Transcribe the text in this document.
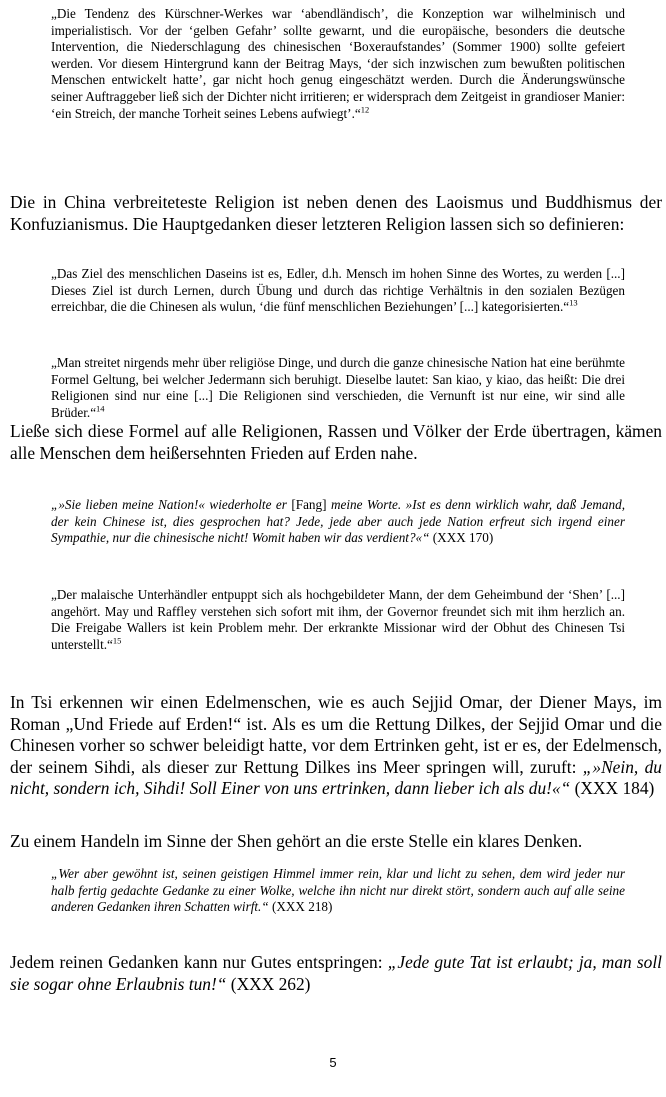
„Die Tendenz des Kürschner-Werkes war ‘abendländisch’, die Konzeption war wilhelminisch und imperialistisch. Vor der ‘gelben Gefahr’ sollte gewarnt, und die europäische, besonders die deutsche Intervention, die Niederschlagung des chinesischen ‘Boxeraufstandes’ (Sommer 1900) sollte gefeiert werden. Vor diesem Hintergrund kann der Beitrag Mays, ‘der sich inzwischen zum bewußten politischen Menschen entwickelt hatte’, gar nicht hoch genug eingeschätzt werden. Durch die Änderungswünsche seiner Auftraggeber ließ sich der Dichter nicht irritieren; er widersprach dem Zeitgeist in grandioser Manier: ‘ein Streich, der manche Torheit seines Lebens aufwiegt’.“$^{12}$

Die in China verbreiteteste Religion ist neben denen des Laoismus und Buddhismus der Konfuzianismus. Die Hauptgedanken dieser letzteren Religion lassen sich so definieren:

„Das Ziel des menschlichen Daseins ist es, Edler, d.h. Mensch im hohen Sinne des Wortes, zu werden [...] Dieses Ziel ist durch Lernen, durch Übung und durch das richtige Verhältnis in den sozialen Bezügen erreichbar, die die Chinesen als wulun, ‘die fünf menschlichen Beziehungen’ [...] kategorisierten.“$^{13}$

„Man streitet nirgends mehr über religiöse Dinge, und durch die ganze chinesische Nation hat eine berühmte Formel Geltung, bei welcher Jedermann sich beruhigt. Dieselbe lautet: San kiao, y kiao, das heißt: Die drei Religionen sind nur eine [...] Die Religionen sind verschieden, die Vernunft ist nur eine, wir sind alle Brüder.“$^{14}$

Ließe sich diese Formel auf alle Religionen, Rassen und Völker der Erde übertragen, kämen alle Menschen dem heißersehnten Frieden auf Erden nahe.

„»Sie lieben meine Nation!« wiederholte er [Fang] meine Worte. »Ist es denn wirklich wahr, daß Jemand, der kein Chinese ist, dies gesprochen hat? Jede, jede aber auch jede Nation erfreut sich irgend einer Sympathie, nur die chinesische nicht! Womit haben wir das verdient?«“ (XXX 170)

„Der malaische Unterhändler entpuppt sich als hochgebildeter Mann, der dem Geheimbund der ‘Shen’ [...] angehört. May und Raffley verstehen sich sofort mit ihm, der Governor freundet sich mit ihm herzlich an. Die Freigabe Wallers ist kein Problem mehr. Der erkrankte Missionar wird der Obhut des Chinesen Tsi unterstellt.“$^{15}$

In Tsi erkennen wir einen Edelmenschen, wie es auch Sejjid Omar, der Diener Mays, im Roman „Und Friede auf Erden!“ ist. Als es um die Rettung Dilkes, der Sejjid Omar und die Chinesen vorher so schwer beleidigt hatte, vor dem Ertrinken geht, ist er es, der Edelmensch, der seinem Sihdi, als dieser zur Rettung Dilkes ins Meer springen will, zuruft: „»Nein, du nicht, sondern ich, Sihdi! Soll Einer von uns ertrinken, dann lieber ich als du!«“ (XXX 184)

Zu einem Handeln im Sinne der Shen gehört an die erste Stelle ein klares Denken.

„Wer aber gewöhnt ist, seinen geistigen Himmel immer rein, klar und licht zu sehen, dem wird jeder nur halb fertig gedachte Gedanke zu einer Wolke, welche ihn nicht nur direkt stört, sondern auch auf alle seine anderen Gedanken ihren Schatten wirft.“ (XXX 218)

Jedem reinen Gedanken kann nur Gutes entspringen: „Jede gute Tat ist erlaubt; ja, man soll sie sogar ohne Erlaubnis tun!“ (XXX 262)

5
